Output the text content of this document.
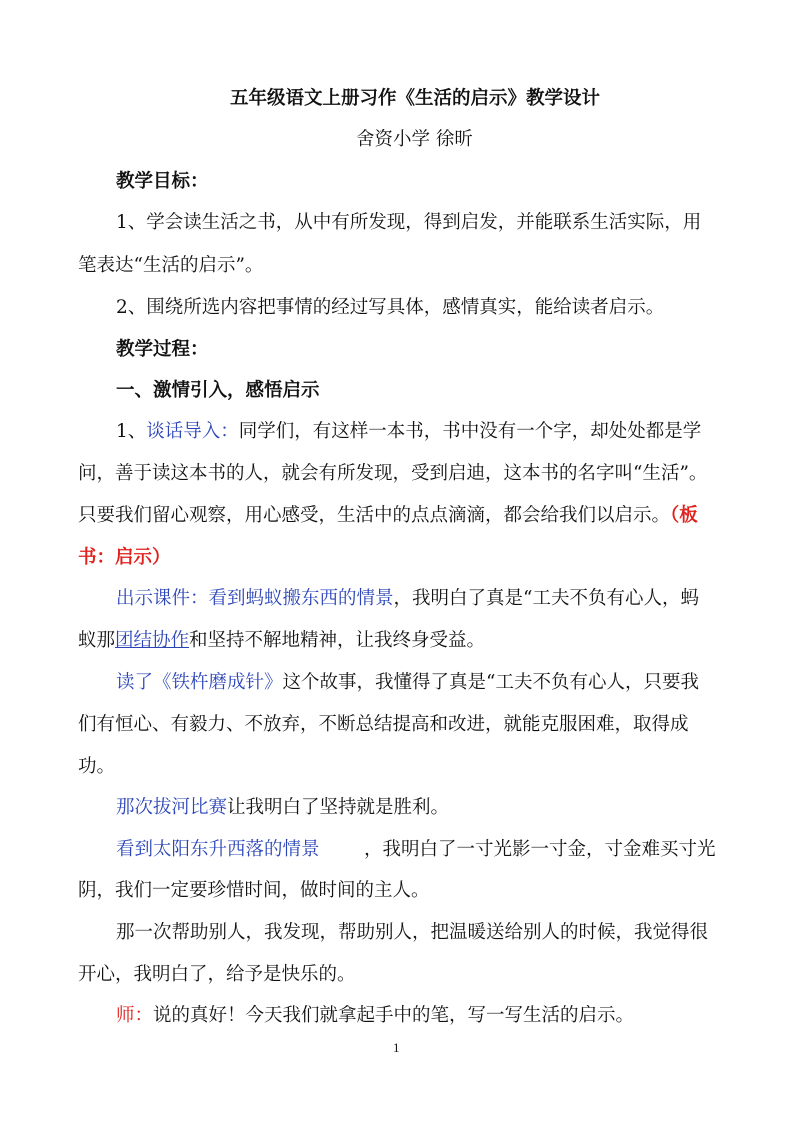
五年级语文上册习作《生活的启示》教学设计
舍资小学 徐昕
教学目标：
1、学会读生活之书，从中有所发现，得到启发，并能联系生活实际，用
笔表达“生活的启示”。
2、围绕所选内容把事情的经过写具体，感情真实，能给读者启示。
教学过程：
一、激情引入，感悟启示
1、谈话导入：同学们，有这样一本书，书中没有一个字，却处处都是学
问，善于读这本书的人，就会有所发现，受到启迪，这本书的名字叫“生活”。
只要我们留心观察，用心感受，生活中的点点滴滴，都会给我们以启示。（板
书：启示）
出示课件：看到蚂蚁搬东西的情景，我明白了真是“工夫不负有心人，蚂
蚁那团结协作和坚持不解地精神，让我终身受益。
读了《铁杵磨成针》这个故事，我懂得了真是“工夫不负有心人，只要我
们有恒心、有毅力、不放弃，不断总结提高和改进，就能克服困难，取得成
功。
那次拔河比赛让我明白了坚持就是胜利。
看到太阳东升西落的情景 ，我明白了一寸光影一寸金，寸金难买寸光
阴，我们一定要珍惜时间，做时间的主人。
那一次帮助别人，我发现，帮助别人，把温暖送给别人的时候，我觉得很
开心，我明白了，给予是快乐的。
师：说的真好！今天我们就拿起手中的笔，写一写生活的启示。
1
